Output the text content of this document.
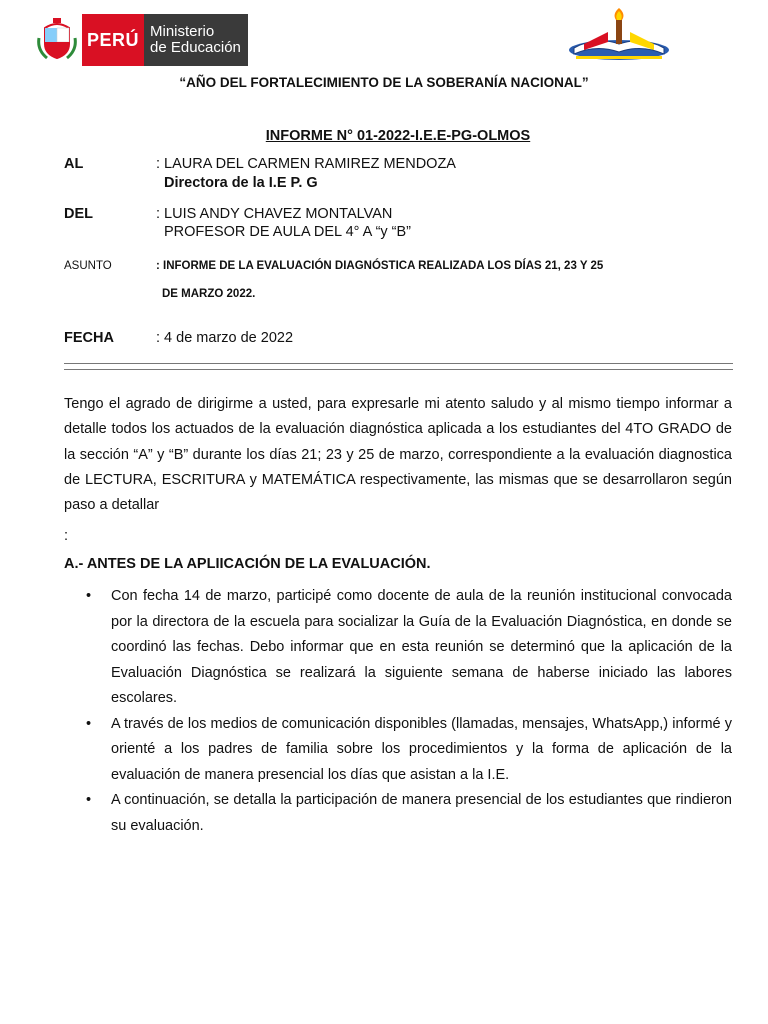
PERÚ Ministerio
de Educación
“AÑO DEL FORTALECIMIENTO DE LA SOBERANÍA NACIONAL”
INFORME N° 01-2022-I.E.E-PG-OLMOS
AL	: LAURA DEL CARMEN RAMIREZ MENDOZA
Directora de la I.E P. G
DEL	: LUIS ANDY CHAVEZ MONTALVAN
PROFESOR DE AULA DEL 4° A “y “B”
ASUNTO	: INFORME DE LA EVALUACIÓN DIAGNÓSTICA REALIZADA LOS DÍAS 21, 23 Y 25
DE MARZO 2022.
FECHA	: 4 de marzo de 2022
Tengo el agrado de dirigirme a usted, para expresarle mi atento saludo y al mismo tiempo informar a detalle todos los actuados de la evaluación diagnóstica aplicada a los estudiantes del 4TO GRADO de la sección “A” y “B” durante los días 21; 23 y 25 de marzo, correspondiente a la evaluación diagnostica de LECTURA, ESCRITURA y MATEMÁTICA respectivamente, las mismas que se desarrollaron según paso a detallar
:
A.- ANTES DE LA APLIICACIÓN DE LA EVALUACIÓN.
• Con fecha 14 de marzo, participé como docente de aula de la reunión institucional convocada por la directora de la escuela para socializar la Guía de la Evaluación Diagnóstica, en donde se coordinó las fechas. Debo informar que en esta reunión se determinó que la aplicación de la Evaluación Diagnóstica se realizará la siguiente semana de haberse iniciado las labores escolares.
• A través de los medios de comunicación disponibles (llamadas, mensajes, WhatsApp,) informé y orienté a los padres de familia sobre los procedimientos y la forma de aplicación de la evaluación de manera presencial los días que asistan a la I.E.
• A continuación, se detalla la participación de manera presencial de los estudiantes que rindieron su evaluación.
